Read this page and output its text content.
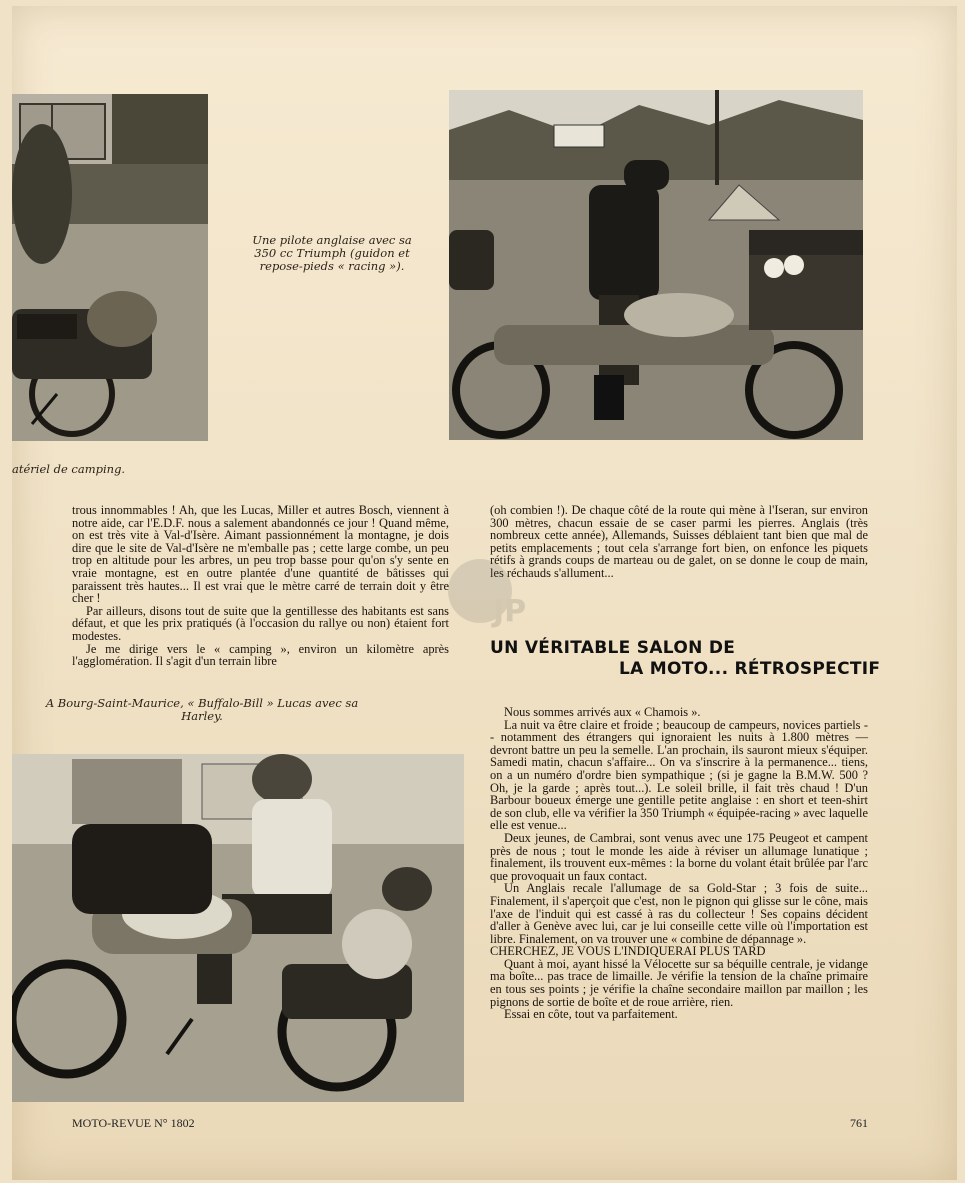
Une pilote anglaise avec sa 350 cc Triumph (guidon et repose-pieds « racing »).
atériel de camping.

trous innommables ! Ah, que les Lucas, Miller et autres Bosch, viennent à notre aide, car l'E.D.F. nous a salement abandonnés ce jour ! Quand même, on est très vite à Val-d'Isère. Aimant passionnément la montagne, je dois dire que le site de Val-d'Isère ne m'emballe pas ; cette large combe, un peu trop en altitude pour les arbres, un peu trop basse pour qu'on s'y sente en vraie montagne, est en outre plantée d'une quantité de bâtisses qui paraissent très hautes... Il est vrai que le mètre carré de terrain doit y être cher !

Par ailleurs, disons tout de suite que la gentillesse des habitants est sans défaut, et que les prix pratiqués (à l'occasion du rallye ou non) étaient fort modestes.

Je me dirige vers le « camping », environ un kilomètre après l'agglomération. Il s'agit d'un terrain libre

(oh combien !). De chaque côté de la route qui mène à l'Iseran, sur environ 300 mètres, chacun essaie de se caser parmi les pierres. Anglais (très nombreux cette année), Allemands, Suisses déblaient tant bien que mal de petits emplacements ; tout cela s'arrange fort bien, on enfonce les piquets rétifs à grands coups de marteau ou de galet, on se donne le coup de main, les réchauds s'allument...

JP
UN VÉRITABLE SALON DE
LA MOTO... RÉTROSPECTIF
A Bourg-Saint-Maurice, « Buffalo-Bill » Lucas avec sa Harley.	Nous sommes arrivés aux « Chamois ».

La nuit va être claire et froide ; beaucoup de campeurs, novices partiels -- notamment des étrangers qui ignoraient les nuits à 1.800 mètres — devront battre un peu la semelle. L'an prochain, ils sauront mieux s'équiper. Samedi matin, chacun s'affaire... On va s'inscrire à la permanence... tiens, on a un numéro d'ordre bien sympathique ; (si je gagne la B.M.W. 500 ? Oh, je la garde ; après tout...). Le soleil brille, il fait très chaud ! D'un Barbour boueux émerge une gentille petite anglaise : en short et teen-shirt de son club, elle va vérifier la 350 Triumph « équipée-racing » avec laquelle elle est venue...

Deux jeunes, de Cambrai, sont venus avec une 175 Peugeot et campent près de nous ; tout le monde les aide à réviser un allumage lunatique ; finalement, ils trouvent eux-mêmes : la borne du volant était brûlée par l'arc que provoquait un faux contact.

Un Anglais recale l'allumage de sa Gold-Star ; 3 fois de suite... Finalement, il s'aperçoit que c'est, non le pignon qui glisse sur le cône, mais l'axe de l'induit qui est cassé à ras du collecteur ! Ses copains décident d'aller à Genève avec lui, car je lui conseille cette ville où l'importation est libre. Finalement, on va trouver une « combine de dépannage ».

CHERCHEZ, JE VOUS L'INDIQUERAI PLUS TARD

Quant à moi, ayant hissé la Vélocette sur sa béquille centrale, je vidange ma boîte... pas trace de limaille. Je vérifie la tension de la chaîne primaire en tous ses points ; je vérifie la chaîne secondaire maillon par maillon ; les pignons de sortie de boîte et de roue arrière, rien.

Essai en côte, tout va parfaitement.

MOTO-REVUE N° 1802	761
